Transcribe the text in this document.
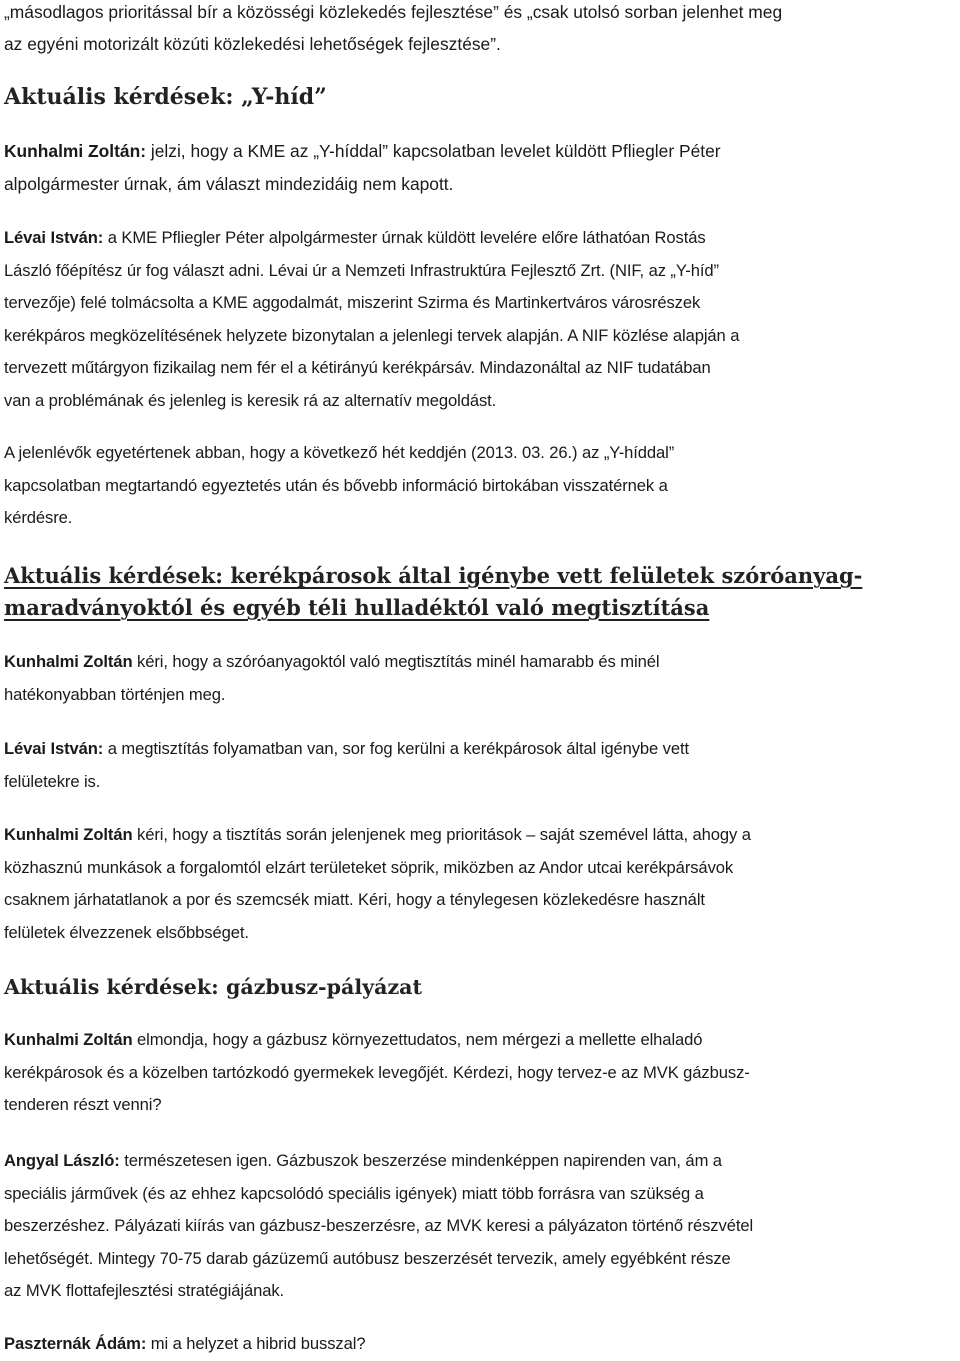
„másodlagos prioritással bír a közösségi közlekedés fejlesztése” és „csak utolsó sorban jelenhet meg

az egyéni motorizált közúti közlekedési lehetőségek fejlesztése”.

Aktuális kérdések: „Y-híd”

Kunhalmi Zoltán: jelzi, hogy a KME az „Y-híddal” kapcsolatban levelet küldött Pfliegler Péter

alpolgármester úrnak, ám választ mindezidáig nem kapott.

Lévai István: a KME Pfliegler Péter alpolgármester úrnak küldött levelére előre láthatóan Rostás

László főépítész úr fog választ adni. Lévai úr a Nemzeti Infrastruktúra Fejlesztő Zrt. (NIF, az „Y-híd”

tervezője) felé tolmácsolta a KME aggodalmát, miszerint Szirma és Martinkertváros városrészek

kerékpáros megközelítésének helyzete bizonytalan a jelenlegi tervek alapján. A NIF közlése alapján a

tervezett műtárgyon fizikailag nem fér el a kétirányú kerékpársáv. Mindazonáltal az NIF tudatában

van a problémának és jelenleg is keresik rá az alternatív megoldást.

A jelenlévők egyetértenek abban, hogy a következő hét keddjén (2013. 03. 26.) az „Y-híddal”

kapcsolatban megtartandó egyeztetés után és bővebb információ birtokában visszatérnek a

kérdésre.

Aktuális kérdések: kerékpárosok által igénybe vett felületek szóróanyag-
maradványoktól és egyéb téli hulladéktól való megtisztítása

Kunhalmi Zoltán kéri, hogy a szóróanyagoktól való megtisztítás minél hamarabb és minél

hatékonyabban történjen meg.

Lévai István: a megtisztítás folyamatban van, sor fog kerülni a kerékpárosok által igénybe vett

felületekre is.

Kunhalmi Zoltán kéri, hogy a tisztítás során jelenjenek meg prioritások – saját szemével látta, ahogy a

közhasznú munkások a forgalomtól elzárt területeket söprik, miközben az Andor utcai kerékpársávok

csaknem járhatatlanok a por és szemcsék miatt. Kéri, hogy a ténylegesen közlekedésre használt

felületek élvezzenek elsőbbséget.

Aktuális kérdések: gázbusz-pályázat

Kunhalmi Zoltán elmondja, hogy a gázbusz környezettudatos, nem mérgezi a mellette elhaladó

kerékpárosok és a közelben tartózkodó gyermekek levegőjét. Kérdezi, hogy tervez-e az MVK gázbusz-

tenderen részt venni?

Angyal László: természetesen igen. Gázbuszok beszerzése mindenképpen napirenden van, ám a

speciális járművek (és az ehhez kapcsolódó speciális igények) miatt több forrásra van szükség a

beszerzéshez. Pályázati kiírás van gázbusz-beszerzésre, az MVK keresi a pályázaton történő részvétel

lehetőségét. Mintegy 70-75 darab gázüzemű autóbusz beszerzését tervezik, amely egyébként része

az MVK flottafejlesztési stratégiájának.

Paszternák Ádám: mi a helyzet a hibrid busszal?
